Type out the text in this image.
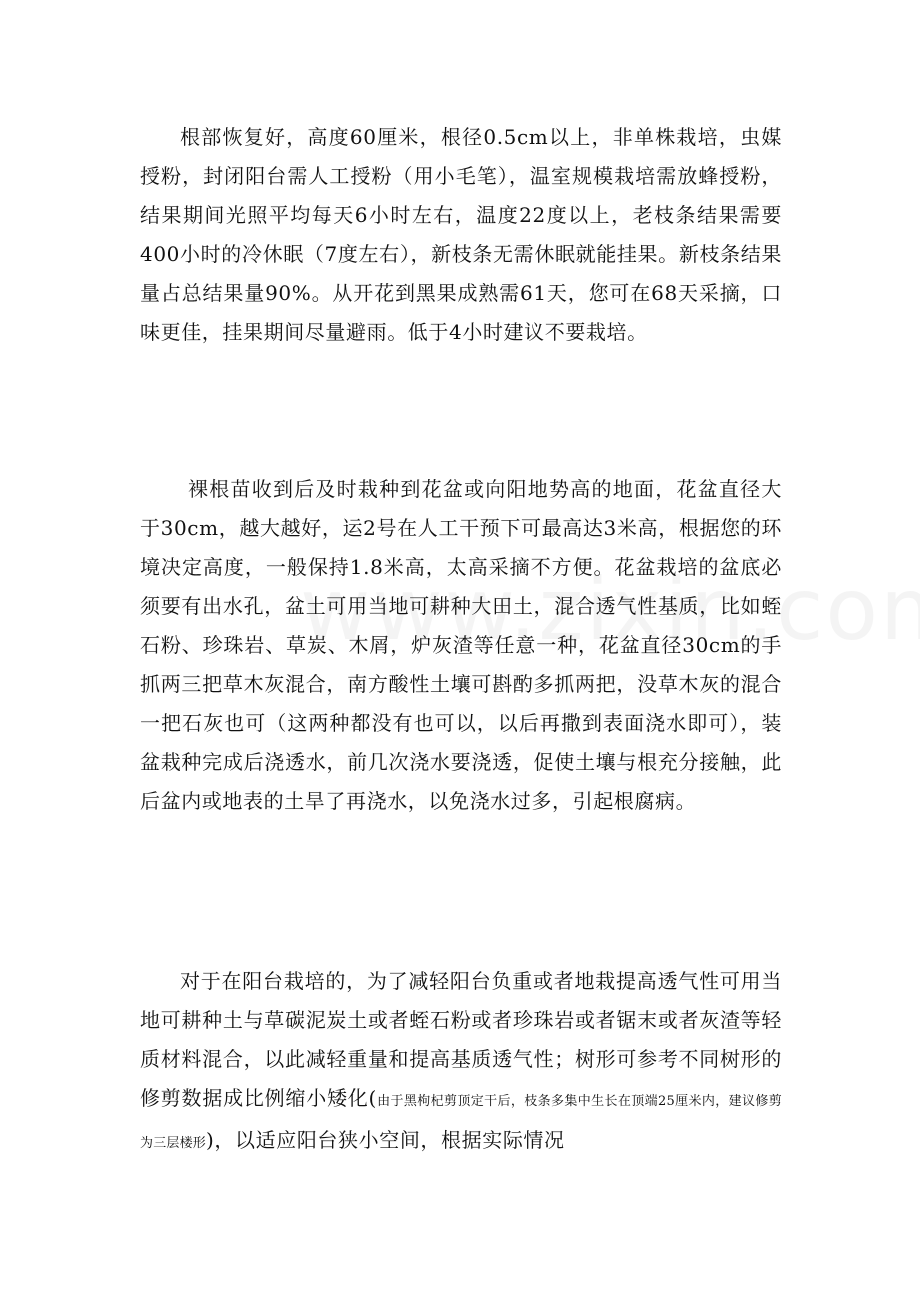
根部恢复好，高度60厘米，根径0.5cm以上，非单株栽培，虫媒授粉，封闭阳台需人工授粉（用小毛笔），温室规模栽培需放蜂授粉，结果期间光照平均每天6小时左右，温度22度以上，老枝条结果需要400小时的冷休眠（7度左右），新枝条无需休眠就能挂果。新枝条结果量占总结果量90%。从开花到黑果成熟需61天，您可在68天采摘，口味更佳，挂果期间尽量避雨。低于4小时建议不要栽培。

裸根苗收到后及时栽种到花盆或向阳地势高的地面，花盆直径大于30cm，越大越好，运2号在人工干预下可最高达3米高，根据您的环境决定高度，一般保持1.8米高，太高采摘不方便。花盆栽培的盆底必须要有出水孔，盆土可用当地可耕种大田土，混合透气性基质，比如蛭石粉、珍珠岩、草炭、木屑，炉灰渣等任意一种，花盆直径30cm的手抓两三把草木灰混合，南方酸性土壤可斟酌多抓两把，没草木灰的混合一把石灰也可（这两种都没有也可以，以后再撒到表面浇水即可），装盆栽种完成后浇透水，前几次浇水要浇透，促使土壤与根充分接触，此后盆内或地表的土旱了再浇水，以免浇水过多，引起根腐病。

对于在阳台栽培的，为了减轻阳台负重或者地栽提高透气性可用当地可耕种土与草碳泥炭土或者蛭石粉或者珍珠岩或者锯末或者灰渣等轻质材料混合，以此减轻重量和提高基质透气性；树形可参考不同树形的修剪数据成比例缩小矮化(由于黑枸杞剪顶定干后，枝条多集中生长在顶端25厘米内，建议修剪为三层楼形)，以适应阳台狭小空间，根据实际情况
